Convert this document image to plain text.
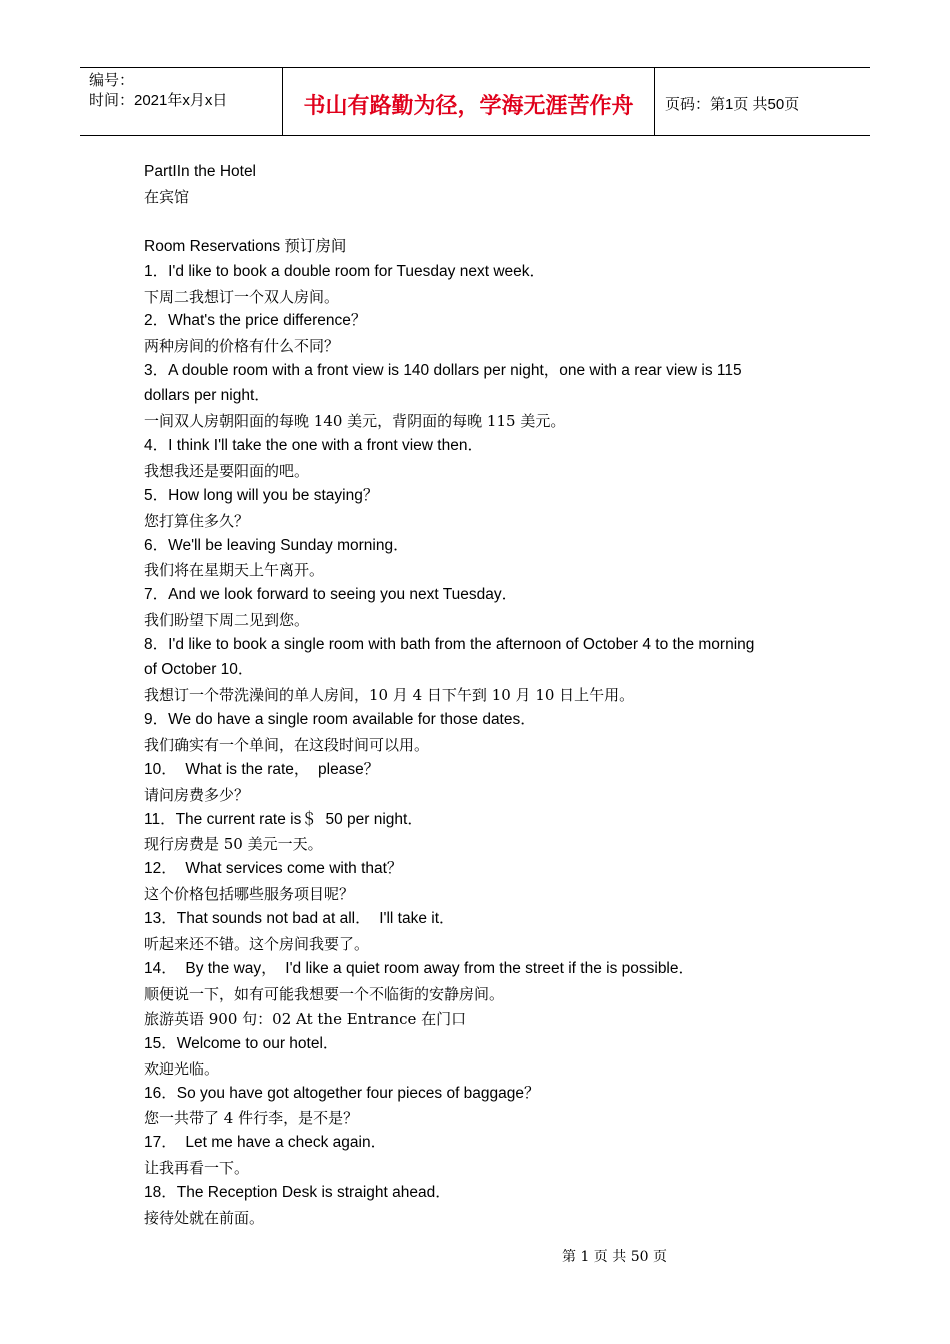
编号：
时间：2021年x月x日	书山有路勤为径，学海无涯苦作舟	页码：第1页 共50页
PartIIn the Hotel
在宾馆
Room Reservations 预订房间
1．I'd like to book a double room for Tuesday next week．
下周二我想订一个双人房间。
2．What's the price difference？
两种房间的价格有什么不同？
3．A double room with a front view is 140 dollars per night，one with a rear view is 115
dollars per night．
一间双人房朝阳面的每晚 140 美元，背阴面的每晚 115 美元。
4．I think I'll take the one with a front view then．
我想我还是要阳面的吧。
5．How long will you be staying？
您打算住多久？
6．We'll be leaving Sunday morning．
我们将在星期天上午离开。
7．And we look forward to seeing you next Tuesday．
我们盼望下周二见到您。
8．I'd like to book a single room with bath from the afternoon of October 4 to the morning
of October 10．
我想订一个带洗澡间的单人房间，10 月 4 日下午到 10 月 10 日上午用。
9．We do have a single room available for those dates．
我们确实有一个单间，在这段时间可以用。
10．  What is the rate，  please？
请问房费多少？
11．The current rate is＄  50 per night．
现行房费是 50 美元一天。
12．  What services come with that？
这个价格包括哪些服务项目呢？
13．That sounds not bad at all．  I'll take it．
听起来还不错。这个房间我要了。
14．  By the way，  I'd like a quiet room away from the street if the is possible．
顺便说一下，如有可能我想要一个不临街的安静房间。
旅游英语 900 句：02 At the Entrance 在门口
15．Welcome to our hotel．
欢迎光临。
16．So you have got altogether four pieces of baggage？
您一共带了 4 件行李，是不是？
17．  Let me have a check again．
让我再看一下。
18．The Reception Desk is straight ahead．
接待处就在前面。
第 1 页 共 50 页
